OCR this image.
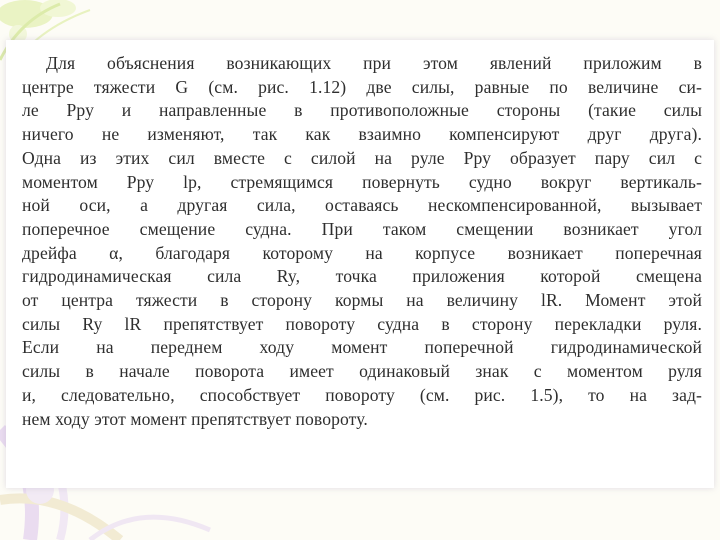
Для объяснения возникающих при этом явлений приложим в
центре тяжести G (см. рис. 1.12) две силы, равные по величине си-
ле Pру и направленные в противоположные стороны (такие силы
ничего не изменяют, так как взаимно компенсируют друг друга).
Одна из этих сил вместе с силой на руле Pру образует пару сил с
моментом Pру lр, стремящимся повернуть судно вокруг вертикаль-
ной оси, а другая сила, оставаясь нескомпенсированной, вызывает
поперечное смещение судна. При таком смещении возникает угол
дрейфа α, благодаря которому на корпусе возникает поперечная
гидродинамическая сила Ry, точка приложения которой смещена
от центра тяжести в сторону кормы на величину lR. Момент этой
силы Ry lR препятствует повороту судна в сторону перекладки руля.
Если на переднем ходу момент поперечной гидродинамической
силы в начале поворота имеет одинаковый знак с моментом руля
и, следовательно, способствует повороту (см. рис. 1.5), то на зад-
нем ходу этот момент препятствует повороту.
